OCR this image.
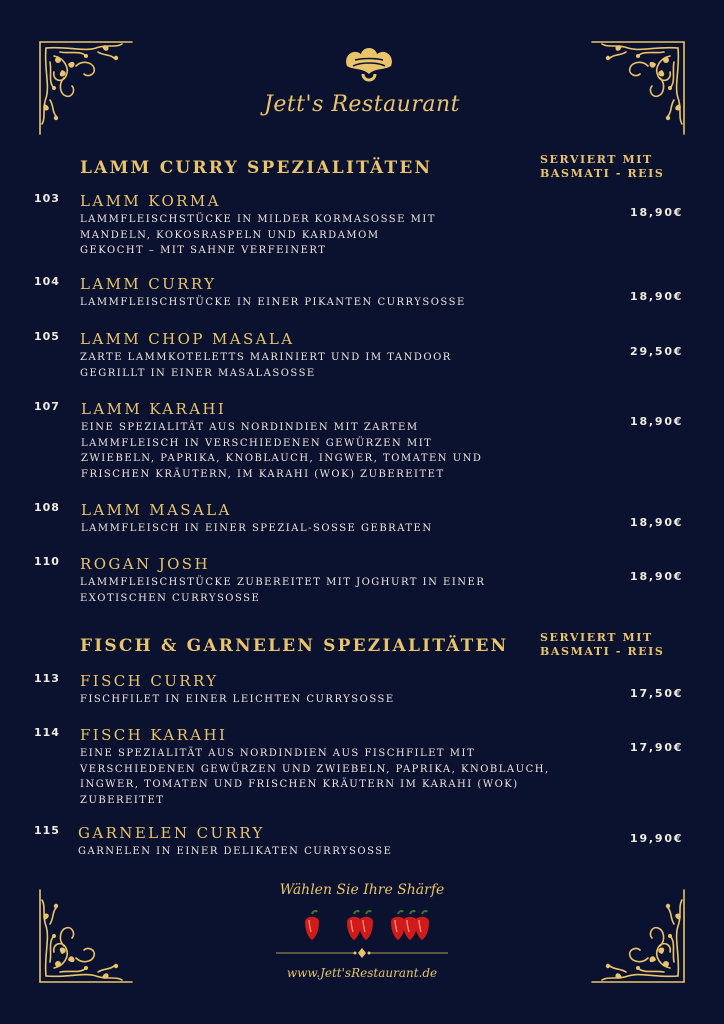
Jett's Restaurant
LAMM CURRY SPEZIALITÄTEN	SERVIERT MIT
BASMATI - REIS
103 LAMM KORMA
LAMMFLEISCHSTÜCKE IN MILDER KORMASOSSE MIT
MANDELN, KOKOSRASPELN UND KARDAMOM
GEKOCHT – MIT SAHNE VERFEINERT
18,90€
104 LAMM CURRY
LAMMFLEISCHSTÜCKE IN EINER PIKANTEN CURRYSOSSE	18,90€
105 LAMM CHOP MASALA
ZARTE LAMMKOTELETTS MARINIERT UND IM TANDOOR
GEGRILLT IN EINER MASALASOSSE
29,50€
107 LAMM KARAHI
EINE SPEZIALITÄT AUS NORDINDIEN MIT ZARTEM
LAMMFLEISCH IN VERSCHIEDENEN GEWÜRZEN MIT
ZWIEBELN, PAPRIKA, KNOBLAUCH, INGWER, TOMATEN UND
FRISCHEN KRÄUTERN, IM KARAHI (WOK) ZUBEREITET
18,90€
108 LAMM MASALA
LAMMFLEISCH IN EINER SPEZIAL-SOSSE GEBRATEN	18,90€
110 ROGAN JOSH
LAMMFLEISCHSTÜCKE ZUBEREITET MIT JOGHURT IN EINER
EXOTISCHEN CURRYSOSSE
18,90€
FISCH & GARNELEN SPEZIALITÄTEN	SERVIERT MIT
BASMATI - REIS
113 FISCH CURRY
FISCHFILET IN EINER LEICHTEN CURRYSOSSE	17,50€
114 FISCH KARAHI
EINE SPEZIALITÄT AUS NORDINDIEN AUS FISCHFILET MIT
VERSCHIEDENEN GEWÜRZEN UND ZWIEBELN, PAPRIKA, KNOBLAUCH,
INGWER, TOMATEN UND FRISCHEN KRÄUTERN IM KARAHI (WOK)
ZUBEREITET
17,90€
115 GARNELEN CURRY
GARNELEN IN EINER DELIKATEN CURRYSOSSE
19,90€
Wählen Sie Ihre Shärfe
www.Jett'sRestaurant.de
